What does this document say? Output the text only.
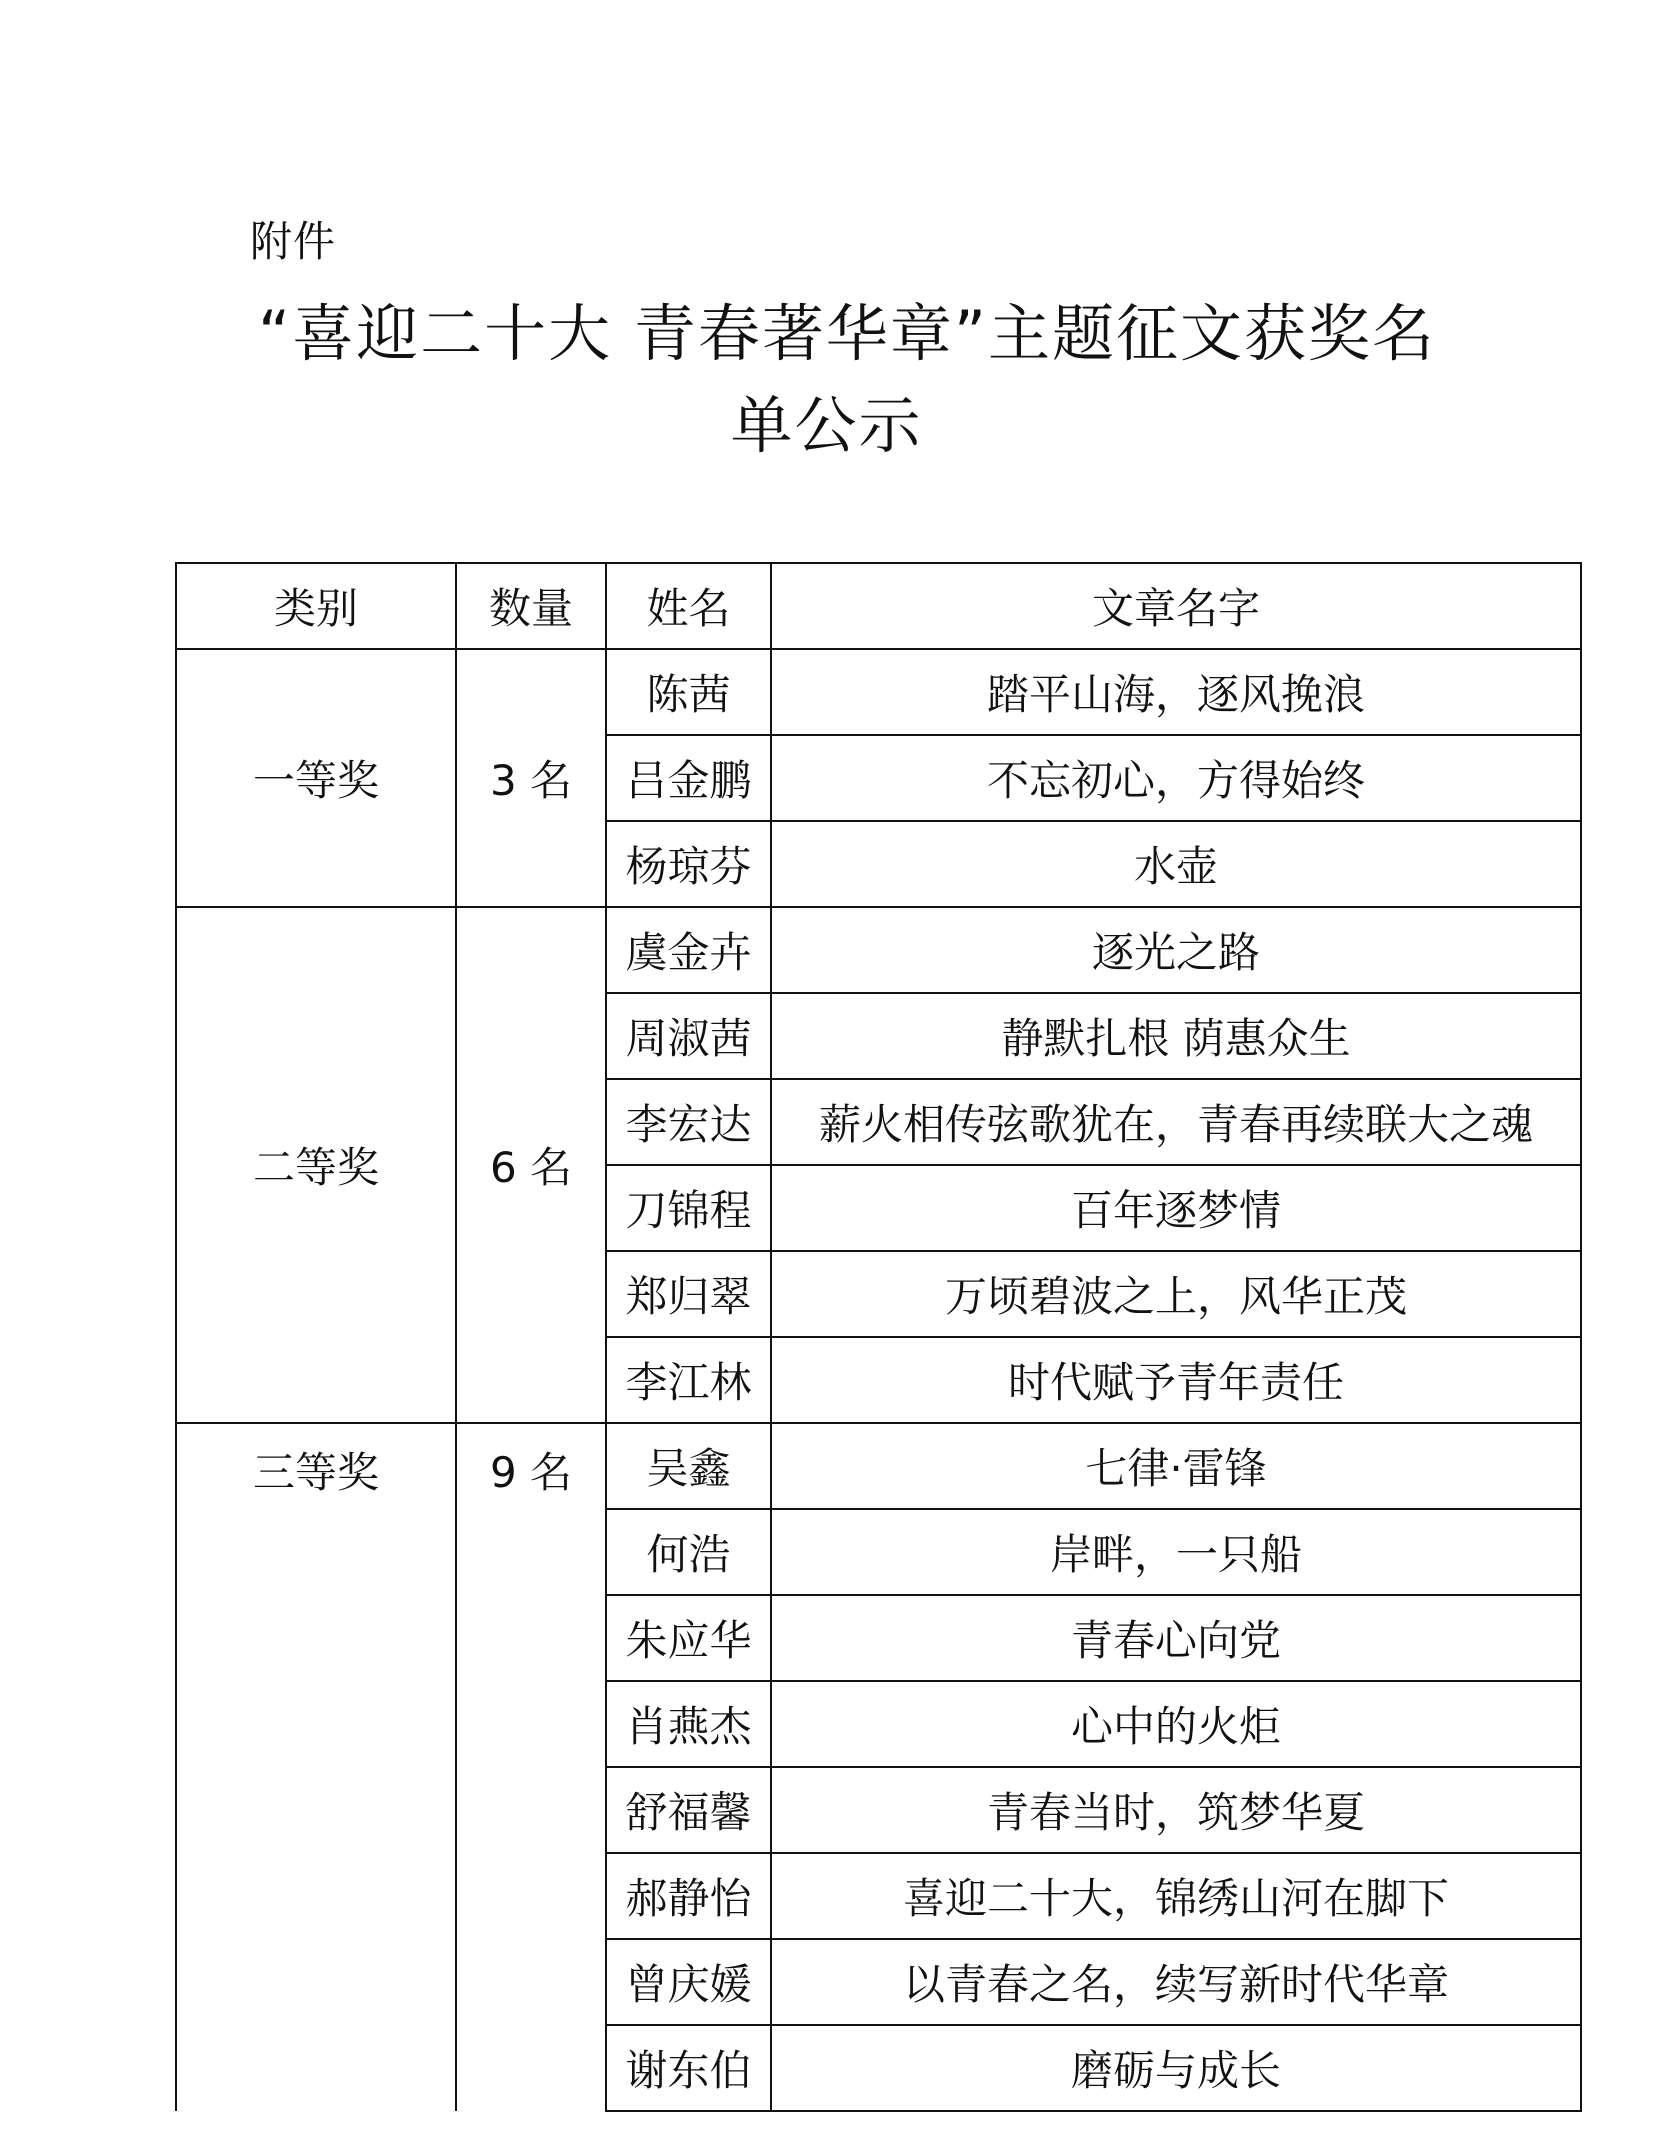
附件
“喜迎二十大 青春著华章”主题征文获奖名
单公示
类别	数量	姓名	文章名字
一等奖	3 名	陈茜	踏平山海，逐风挽浪
		吕金鹏	不忘初心，方得始终
		杨琼芬	水壶
二等奖	6 名	虞金卉	逐光之路
		周淑茜	静默扎根 荫惠众生
		李宏达	薪火相传弦歌犹在，青春再续联大之魂
		刀锦程	百年逐梦情
		郑归翠	万顷碧波之上，风华正茂
		李江林	时代赋予青年责任
三等奖	9 名	吴鑫	七律·雷锋
		何浩	岸畔，一只船
		朱应华	青春心向党
		肖燕杰	心中的火炬
		舒福馨	青春当时，筑梦华夏
		郝静怡	喜迎二十大，锦绣山河在脚下
		曾庆媛	以青春之名，续写新时代华章
		谢东伯	磨砺与成长
